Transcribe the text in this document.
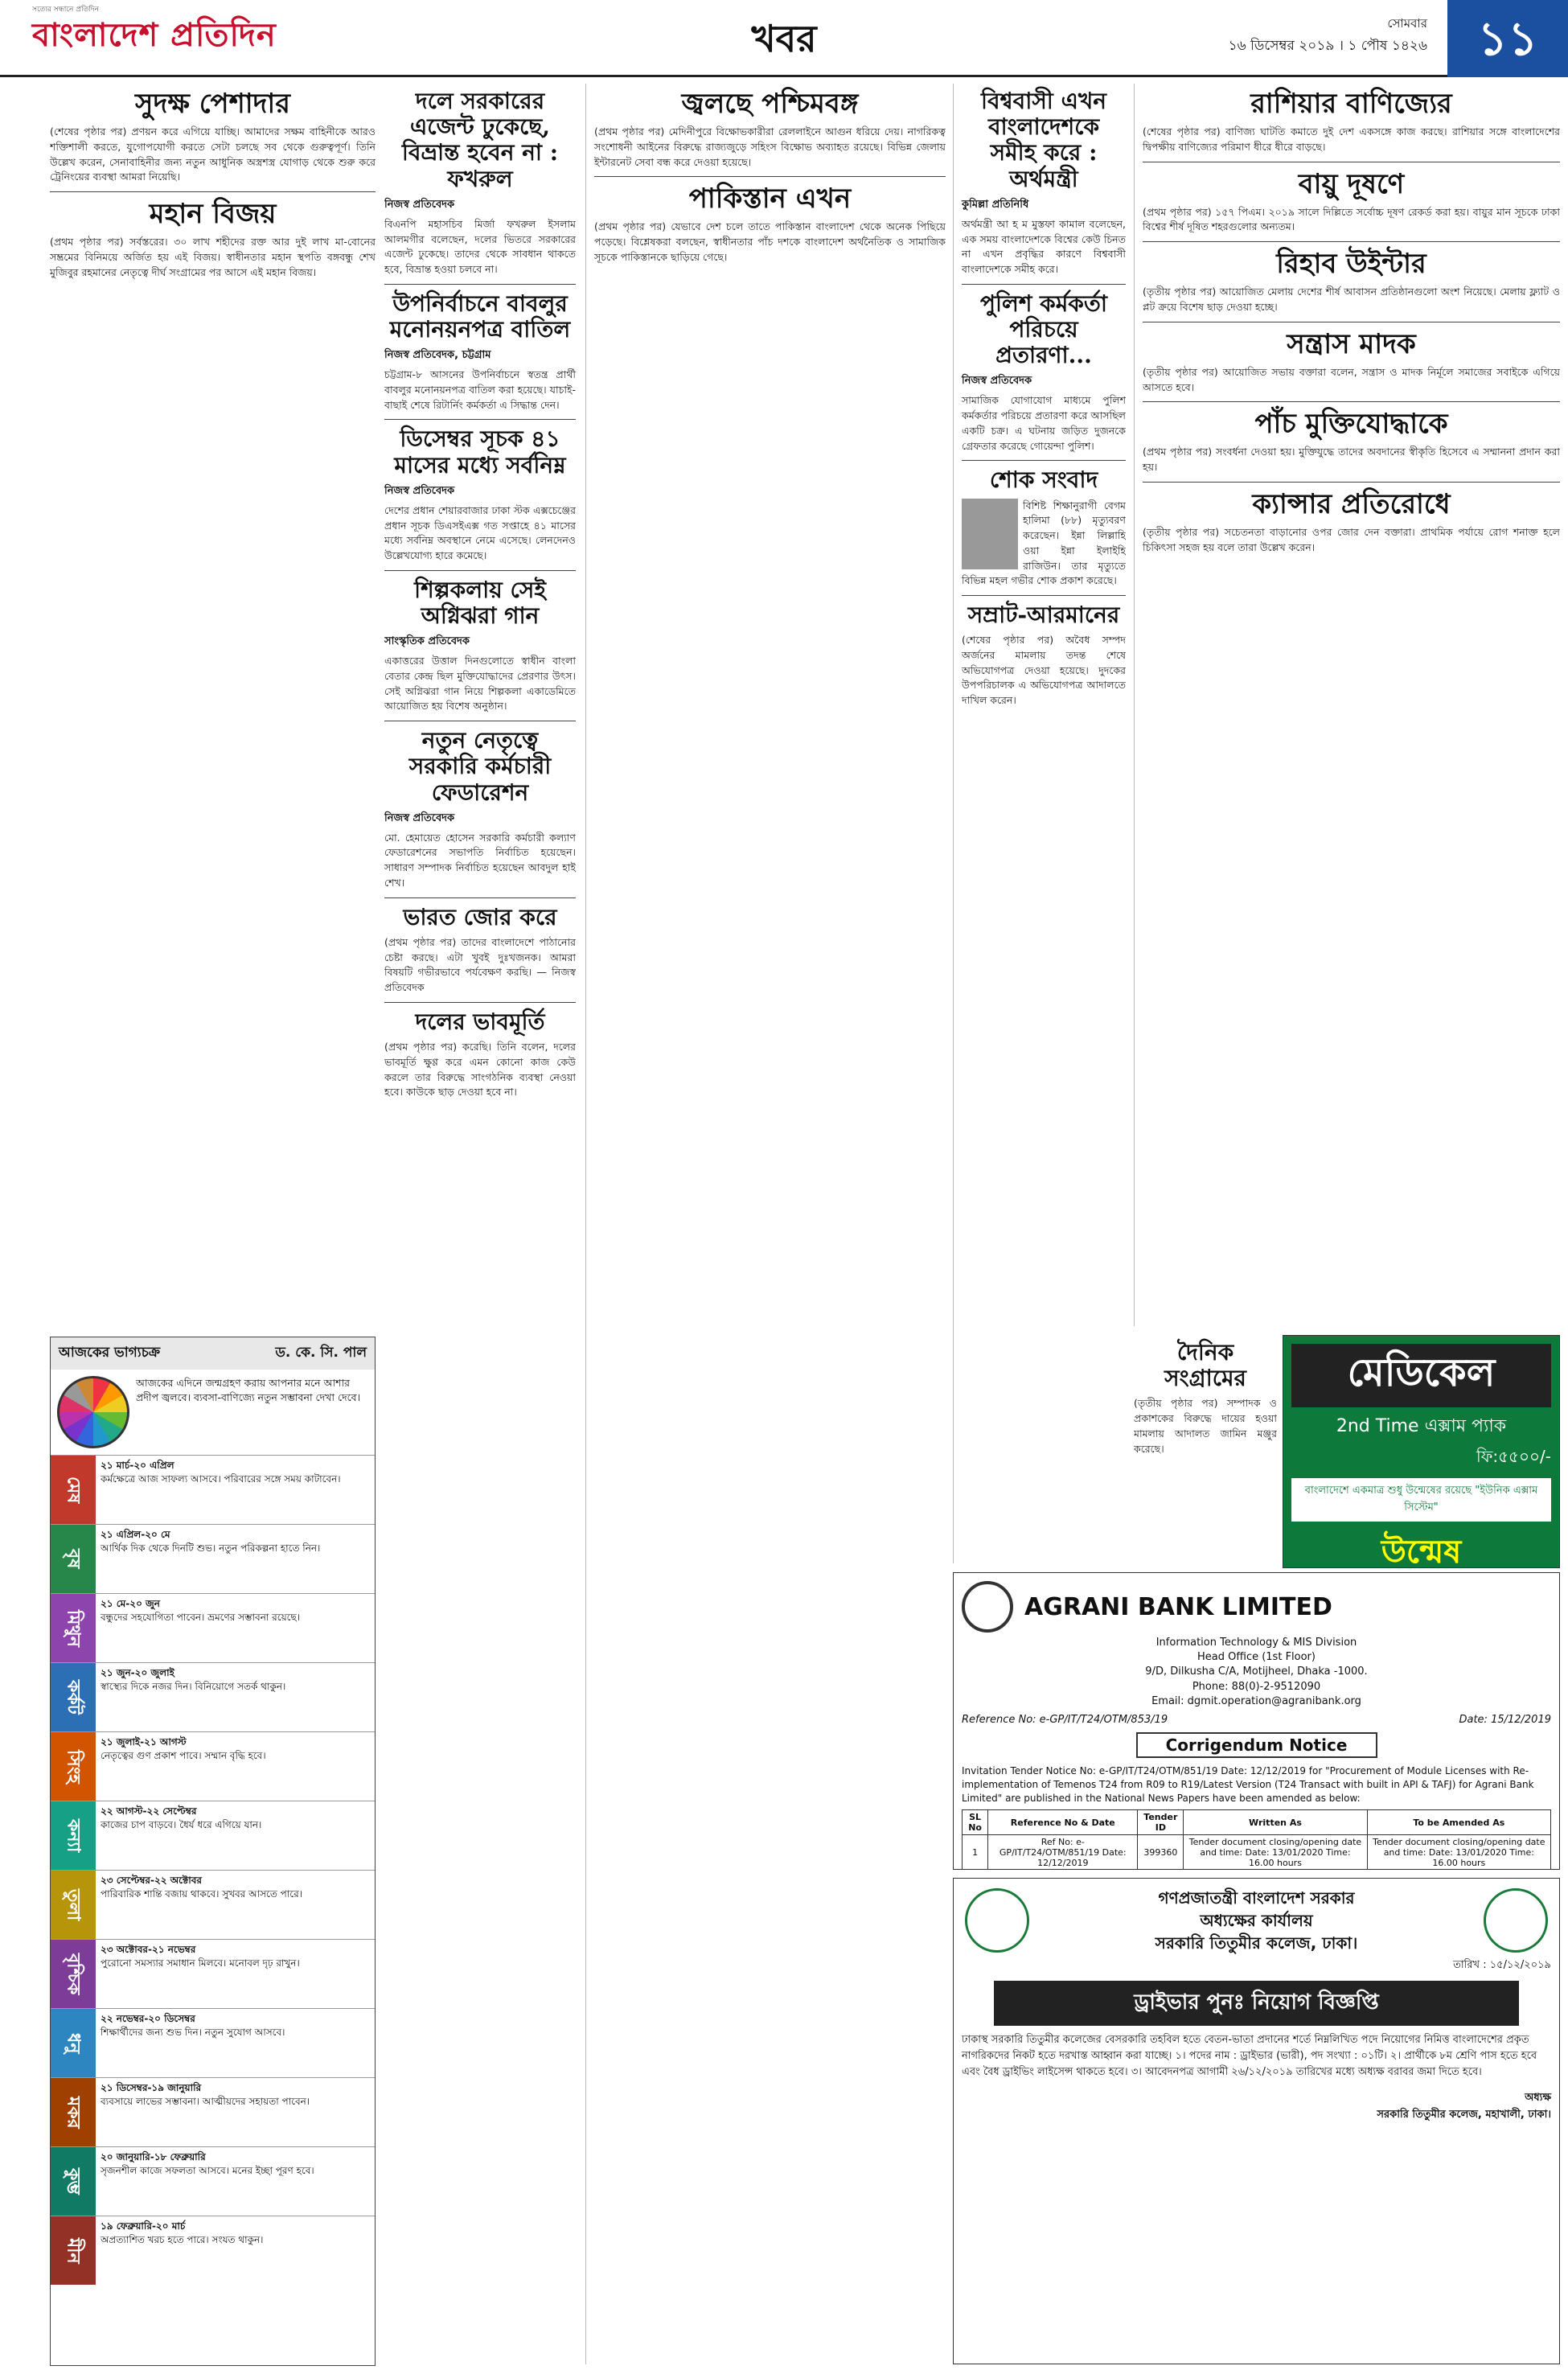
সত্যের সন্ধানে প্রতিদিন
বাংলাদেশ প্রতিদিন	খবর	সোমবার
১৬ ডিসেম্বর ২০১৯ । ১ পৌষ ১৪২৬	১১
সুদক্ষ পেশাদার
(শেষের পৃষ্ঠার পর) প্রণয়ন করে এগিয়ে যাচ্ছি। আমাদের সক্ষম বাহিনীকে আরও শক্তিশালী করতে, যুগোপযোগী করতে সেটা চলছে সব থেকে গুরুত্বপূর্ণ। তিনি উল্লেখ করেন, সেনাবাহিনীর জন্য নতুন আধুনিক অস্ত্রশস্ত্র যোগাড় থেকে শুরু করে ট্রেনিংয়ের ব্যবস্থা আমরা নিয়েছি।
মহান বিজয়
(প্রথম পৃষ্ঠার পর) সর্বস্তরের। ৩০ লাখ শহীদের রক্ত আর দুই লাখ মা-বোনের সম্ভ্রমের বিনিময়ে অর্জিত হয় এই বিজয়। স্বাধীনতার মহান স্থপতি বঙ্গবন্ধু শেখ মুজিবুর রহমানের নেতৃত্বে দীর্ঘ সংগ্রামের পর আসে এই মহান বিজয়।
আজকের ভাগ্যচক্র	ড. কে. সি. পাল
আজকের এদিনে জন্মগ্রহণ করায় আপনার মনে আশার প্রদীপ জ্বলবে। ব্যবসা-বাণিজ্যে নতুন সম্ভাবনা দেখা দেবে।
মেষ
২১ মার্চ-২০ এপ্রিল
কর্মক্ষেত্রে আজ সাফল্য আসবে। পরিবারের সঙ্গে সময় কাটাবেন।
বৃষ
২১ এপ্রিল-২০ মে
আর্থিক দিক থেকে দিনটি শুভ। নতুন পরিকল্পনা হাতে নিন।
মিথুন
২১ মে-২০ জুন
বন্ধুদের সহযোগিতা পাবেন। ভ্রমণের সম্ভাবনা রয়েছে।
কর্কট
২১ জুন-২০ জুলাই
স্বাস্থ্যের দিকে নজর দিন। বিনিয়োগে সতর্ক থাকুন।
সিংহ
২১ জুলাই-২১ আগস্ট
নেতৃত্বের গুণ প্রকাশ পাবে। সম্মান বৃদ্ধি হবে।
কন্যা
২২ আগস্ট-২২ সেপ্টেম্বর
কাজের চাপ বাড়বে। ধৈর্য ধরে এগিয়ে যান।
তুলা
২৩ সেপ্টেম্বর-২২ অক্টোবর
পারিবারিক শান্তি বজায় থাকবে। সুখবর আসতে পারে।
বৃশ্চিক
২৩ অক্টোবর-২১ নভেম্বর
পুরোনো সমস্যার সমাধান মিলবে। মনোবল দৃঢ় রাখুন।
ধনু
২২ নভেম্বর-২০ ডিসেম্বর
শিক্ষার্থীদের জন্য শুভ দিন। নতুন সুযোগ আসবে।
মকর
২১ ডিসেম্বর-১৯ জানুয়ারি
ব্যবসায়ে লাভের সম্ভাবনা। আত্মীয়দের সহায়তা পাবেন।
কুম্ভ
২০ জানুয়ারি-১৮ ফেব্রুয়ারি
সৃজনশীল কাজে সফলতা আসবে। মনের ইচ্ছা পূরণ হবে।
মীন
১৯ ফেব্রুয়ারি-২০ মার্চ
অপ্রত্যাশিত খরচ হতে পারে। সংযত থাকুন।
দলে সরকারের এজেন্ট ঢুকেছে, বিভ্রান্ত হবেন না : ফখরুল
নিজস্ব প্রতিবেদক
বিএনপি মহাসচিব মির্জা ফখরুল ইসলাম আলমগীর বলেছেন, দলের ভিতরে সরকারের এজেন্ট ঢুকেছে। তাদের থেকে সাবধান থাকতে হবে, বিভ্রান্ত হওয়া চলবে না।
উপনির্বাচনে বাবলুর মনোনয়নপত্র বাতিল
নিজস্ব প্রতিবেদক, চট্টগ্রাম
চট্টগ্রাম-৮ আসনের উপনির্বাচনে স্বতন্ত্র প্রার্থী বাবলুর মনোনয়নপত্র বাতিল করা হয়েছে। যাচাই-বাছাই শেষে রিটার্নিং কর্মকর্তা এ সিদ্ধান্ত দেন।
ডিসেম্বর সূচক ৪১ মাসের মধ্যে সর্বনিম্ন
নিজস্ব প্রতিবেদক
দেশের প্রধান শেয়ারবাজার ঢাকা স্টক এক্সচেঞ্জের প্রধান সূচক ডিএসইএক্স গত সপ্তাহে ৪১ মাসের মধ্যে সর্বনিম্ন অবস্থানে নেমে এসেছে। লেনদেনও উল্লেখযোগ্য হারে কমেছে।
শিল্পকলায় সেই অগ্নিঝরা গান
সাংস্কৃতিক প্রতিবেদক
একাত্তরের উত্তাল দিনগুলোতে স্বাধীন বাংলা বেতার কেন্দ্র ছিল মুক্তিযোদ্ধাদের প্রেরণার উৎস। সেই অগ্নিঝরা গান নিয়ে শিল্পকলা একাডেমিতে আয়োজিত হয় বিশেষ অনুষ্ঠান।
নতুন নেতৃত্বে সরকারি কর্মচারী ফেডারেশন
নিজস্ব প্রতিবেদক
মো. হেমায়েত হোসেন সরকারি কর্মচারী কল্যাণ ফেডারেশনের সভাপতি নির্বাচিত হয়েছেন। সাধারণ সম্পাদক নির্বাচিত হয়েছেন আবদুল হাই শেখ।
ভারত জোর করে
(প্রথম পৃষ্ঠার পর) তাদের বাংলাদেশে পাঠানোর চেষ্টা করছে। এটা খুবই দুঃখজনক। আমরা বিষয়টি গভীরভাবে পর্যবেক্ষণ করছি। — নিজস্ব প্রতিবেদক
দলের ভাবমূর্তি
(প্রথম পৃষ্ঠার পর) করেছি। তিনি বলেন, দলের ভাবমূর্তি ক্ষুণ্ণ করে এমন কোনো কাজ কেউ করলে তার বিরুদ্ধে সাংগঠনিক ব্যবস্থা নেওয়া হবে। কাউকে ছাড় দেওয়া হবে না।
জ্বলছে পশ্চিমবঙ্গ
(প্রথম পৃষ্ঠার পর) মেদিনীপুরে বিক্ষোভকারীরা রেললাইনে আগুন ধরিয়ে দেয়। নাগরিকত্ব সংশোধনী আইনের বিরুদ্ধে রাজ্যজুড়ে সহিংস বিক্ষোভ অব্যাহত রয়েছে। বিভিন্ন জেলায় ইন্টারনেট সেবা বন্ধ করে দেওয়া হয়েছে।
পাকিস্তান এখন
(প্রথম পৃষ্ঠার পর) যেভাবে দেশ চলে তাতে পাকিস্তান বাংলাদেশ থেকে অনেক পিছিয়ে পড়েছে। বিশ্লেষকরা বলছেন, স্বাধীনতার পাঁচ দশকে বাংলাদেশ অর্থনৈতিক ও সামাজিক সূচকে পাকিস্তানকে ছাড়িয়ে গেছে।
বিশ্ববাসী এখন বাংলাদেশকে সমীহ করে : অর্থমন্ত্রী
কুমিল্লা প্রতিনিধি
অর্থমন্ত্রী আ হ ম মুস্তফা কামাল বলেছেন, এক সময় বাংলাদেশকে বিশ্বের কেউ চিনত না এখন প্রবৃদ্ধির কারণে বিশ্ববাসী বাংলাদেশকে সমীহ করে।
পুলিশ কর্মকর্তা পরিচয়ে প্রতারণা...
নিজস্ব প্রতিবেদক
সামাজিক যোগাযোগ মাধ্যমে পুলিশ কর্মকর্তার পরিচয়ে প্রতারণা করে আসছিল একটি চক্র। এ ঘটনায় জড়িত দুজনকে গ্রেফতার করেছে গোয়েন্দা পুলিশ।
শোক সংবাদ
বিশিষ্ট শিক্ষানুরাগী বেগম হালিমা (৮৮) মৃত্যুবরণ করেছেন। ইন্না লিল্লাহি ওয়া ইন্না ইলাইহি রাজিউন। তার মৃত্যুতে বিভিন্ন মহল গভীর শোক প্রকাশ করেছে।
সম্রাট-আরমানের
(শেষের পৃষ্ঠার পর) অবৈধ সম্পদ অর্জনের মামলায় তদন্ত শেষে অভিযোগপত্র দেওয়া হয়েছে। দুদকের উপপরিচালক এ অভিযোগপত্র আদালতে দাখিল করেন।
রাশিয়ার বাণিজ্যের
(শেষের পৃষ্ঠার পর) বাণিজ্য ঘাটতি কমাতে দুই দেশ একসঙ্গে কাজ করছে। রাশিয়ার সঙ্গে বাংলাদেশের দ্বিপক্ষীয় বাণিজ্যের পরিমাণ ধীরে ধীরে বাড়ছে।
বায়ু দূষণে
(প্রথম পৃষ্ঠার পর) ১৫৭ পিএম। ২০১৯ সালে দিল্লিতে সর্বোচ্চ দূষণ রেকর্ড করা হয়। বায়ুর মান সূচকে ঢাকা বিশ্বের শীর্ষ দূষিত শহরগুলোর অন্যতম।
রিহাব উইন্টার
(তৃতীয় পৃষ্ঠার পর) আয়োজিত মেলায় দেশের শীর্ষ আবাসন প্রতিষ্ঠানগুলো অংশ নিয়েছে। মেলায় ফ্ল্যাট ও প্লট ক্রয়ে বিশেষ ছাড় দেওয়া হচ্ছে।
সন্ত্রাস মাদক
(তৃতীয় পৃষ্ঠার পর) আয়োজিত সভায় বক্তারা বলেন, সন্ত্রাস ও মাদক নির্মূলে সমাজের সবাইকে এগিয়ে আসতে হবে।
পাঁচ মুক্তিযোদ্ধাকে
(প্রথম পৃষ্ঠার পর) সংবর্ধনা দেওয়া হয়। মুক্তিযুদ্ধে তাদের অবদানের স্বীকৃতি হিসেবে এ সম্মাননা প্রদান করা হয়।
ক্যান্সার প্রতিরোধে
(তৃতীয় পৃষ্ঠার পর) সচেতনতা বাড়ানোর ওপর জোর দেন বক্তারা। প্রাথমিক পর্যায়ে রোগ শনাক্ত হলে চিকিৎসা সহজ হয় বলে তারা উল্লেখ করেন।
দৈনিক সংগ্রামের
(তৃতীয় পৃষ্ঠার পর) সম্পাদক ও প্রকাশকের বিরুদ্ধে দায়ের হওয়া মামলায় আদালত জামিন মঞ্জুর করেছে।
মেডিকেল
2nd Time এক্সাম প্যাক
ফি:৫৫০০/-
বাংলাদেশে একমাত্র শুধু উন্মেষের রয়েছে "ইউনিক এক্সাম সিস্টেম"
উন্মেষ
AGRANI BANK LIMITED
Information Technology & MIS Division
Head Office (1st Floor)
9/D, Dilkusha C/A, Motijheel, Dhaka -1000.
Phone: 88(0)-2-9512090
Email: dgmit.operation@agranibank.org
Reference No: e-GP/IT/T24/OTM/853/19	Date: 15/12/2019
Corrigendum Notice
Invitation Tender Notice No: e-GP/IT/T24/OTM/851/19 Date: 12/12/2019 for "Procurement of Module Licenses with Re-implementation of Temenos T24 from R09 to R19/Latest Version (T24 Transact with built in API & TAFJ) for Agrani Bank Limited" are published in the National News Papers have been amended as below:
SL No	Reference No & Date	Tender ID	Written As	To be Amended As
1	Ref No: e-GP/IT/T24/OTM/851/19 Date: 12/12/2019	399360	Tender document closing/opening date and time: Date: 13/01/2020 Time: 16.00 hours	Tender document closing/opening date and time: Date: 13/01/2020 Time: 16.00 hours
গণপ্রজাতন্ত্রী বাংলাদেশ সরকার
অধ্যক্ষের কার্যালয়
সরকারি তিতুমীর কলেজ, ঢাকা।
তারিখ : ১৫/১২/২০১৯
ড্রাইভার পুনঃ নিয়োগ বিজ্ঞপ্তি
ঢাকাস্থ সরকারি তিতুমীর কলেজের বেসরকারি তহবিল হতে বেতন-ভাতা প্রদানের শর্তে নিম্নলিখিত পদে নিয়োগের নিমিত্ত বাংলাদেশের প্রকৃত নাগরিকদের নিকট হতে দরখাস্ত আহ্বান করা যাচ্ছে। ১। পদের নাম : ড্রাইভার (ভারী), পদ সংখ্যা : ০১টি। ২। প্রার্থীকে ৮ম শ্রেণি পাস হতে হবে এবং বৈধ ড্রাইভিং লাইসেন্স থাকতে হবে। ৩। আবেদনপত্র আগামী ২৬/১২/২০১৯ তারিখের মধ্যে অধ্যক্ষ বরাবর জমা দিতে হবে।
অধ্যক্ষ
সরকারি তিতুমীর কলেজ, মহাখালী, ঢাকা।
